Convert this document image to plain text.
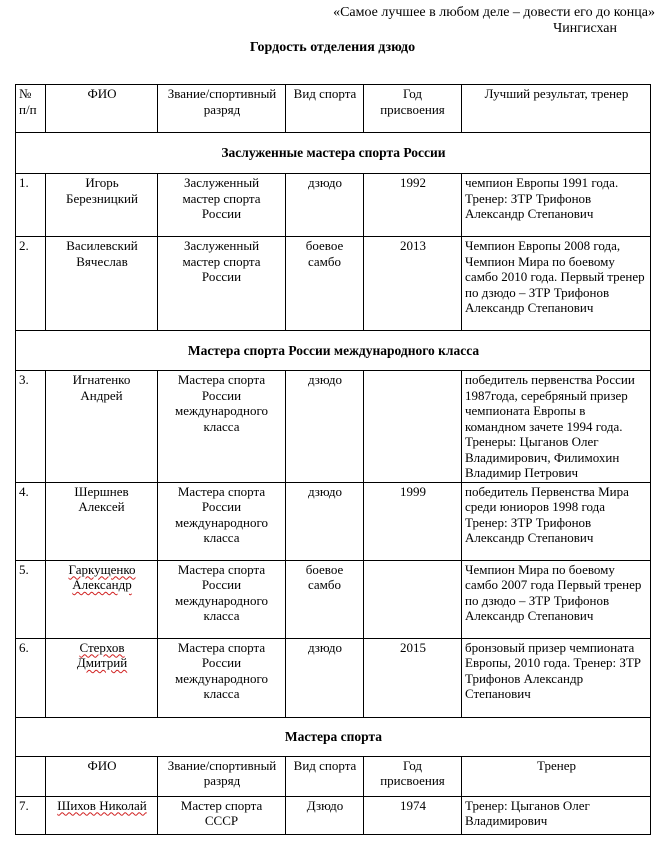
«Самое лучшее в любом деле – довести его до конца»
Чингисхан
Гордость отделения дзюдо
№ п/п	ФИО	Звание/спортивный разряд	Вид спорта	Год присвоения	Лучший результат, тренер
Заслуженные мастера спорта России					
1.	Игорь Березницкий	Заслуженный мастер спорта России	дзюдо	1992	чемпион Европы 1991 года. Тренер: ЗТР Трифонов Александр Степанович
2.	Василевский Вячеслав	Заслуженный мастер спорта России	боевое самбо	2013	Чемпион Европы 2008 года, Чемпион Мира по боевому самбо 2010 года. Первый тренер по дзюдо – ЗТР Трифонов Александр Степанович
Мастера спорта России международного класса					
3.	Игнатенко Андрей	Мастера спорта России международного класса	дзюдо		победитель первенства России 1987года, серебряный призер чемпионата Европы в командном зачете 1994 года. Тренеры: Цыганов Олег Владимирович, Филимохин Владимир Петрович
4.	Шершнев Алексей	Мастера спорта России международного класса	дзюдо	1999	победитель Первенства Мира среди юниоров 1998 года Тренер: ЗТР Трифонов Александр Степанович
5.	Гаркущенко Александр	Мастера спорта России международного класса	боевое самбо		Чемпион Мира по боевому самбо 2007 года Первый тренер по дзюдо – ЗТР Трифонов Александр Степанович
6.	Стерхов Дмитрий	Мастера спорта России международного класса	дзюдо	2015	бронзовый призер чемпионата Европы, 2010 года. Тренер: ЗТР Трифонов Александр Степанович
Мастера спорта					
	ФИО	Звание/спортивный разряд	Вид спорта	Год присвоения	Тренер
7.	Шихов Николай	Мастер спорта СССР	Дзюдо	1974	Тренер: Цыганов Олег Владимирович
